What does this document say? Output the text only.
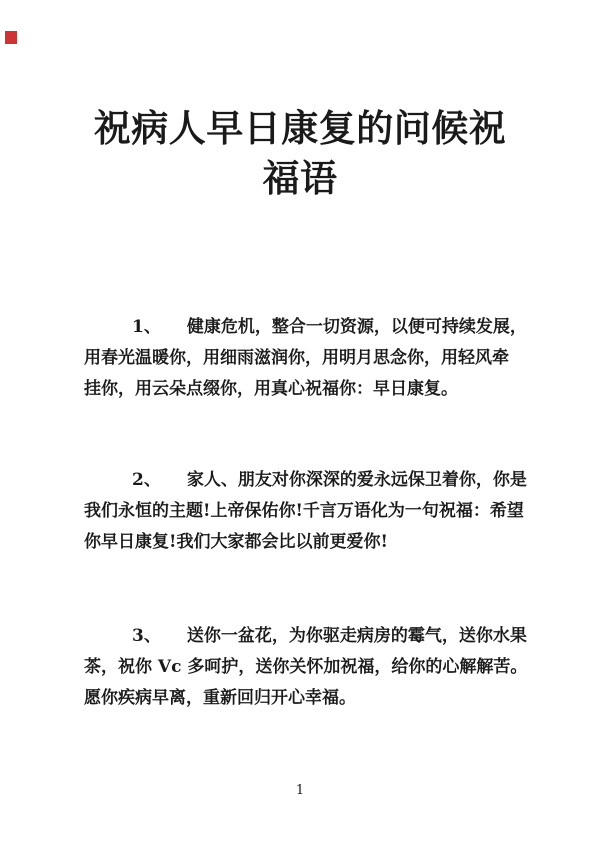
祝病人早日康复的问候祝
福语
1、 健康危机，整合一切资源，以便可持续发展，
用春光温暖你，用细雨滋润你，用明月思念你，用轻风牵
挂你，用云朵点缀你，用真心祝福你：早日康复。
2、 家人、朋友对你深深的爱永远保卫着你，你是
我们永恒的主题!上帝保佑你!千言万语化为一句祝福：希望
你早日康复!我们大家都会比以前更爱你!
3、 送你一盆花，为你驱走病房的霉气，送你水果
茶，祝你 Vc 多呵护，送你关怀加祝福，给你的心解解苦。
愿你疾病早离，重新回归开心幸福。
1
